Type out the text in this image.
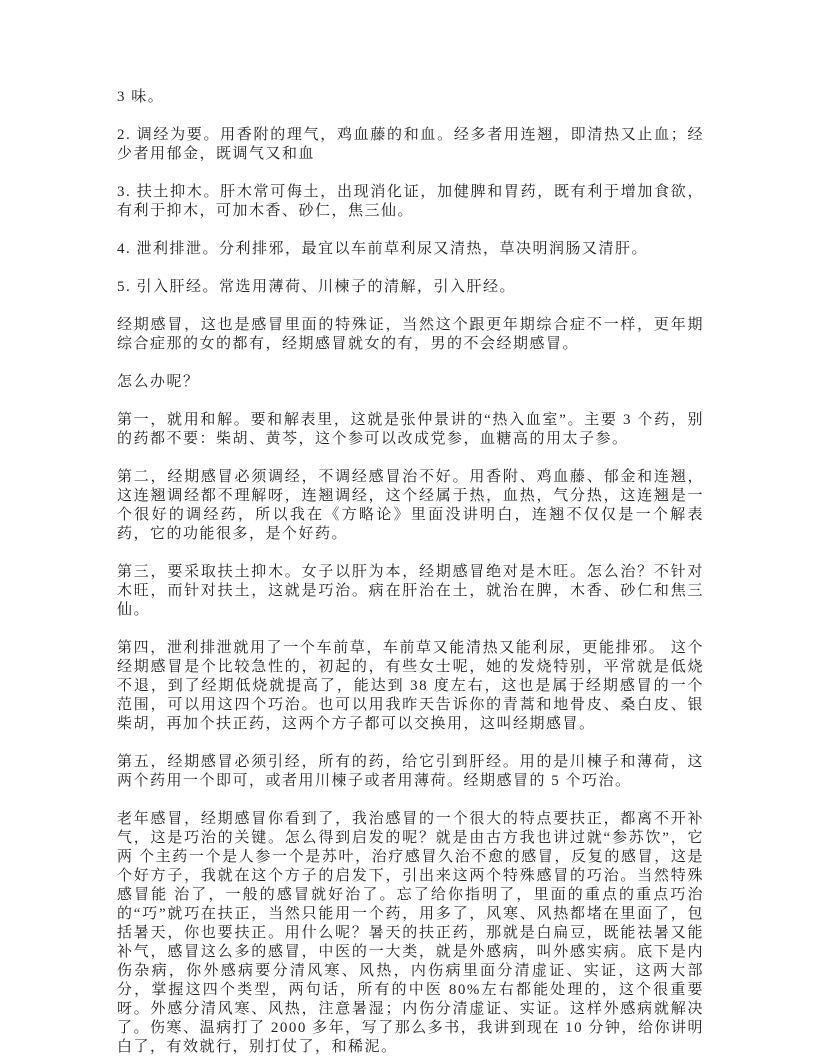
3 味。

2. 调经为要。用香附的理气，鸡血藤的和血。经多者用连翘，即清热又止血；经少者用郁金，既调气又和血

3. 扶土抑木。肝木常可侮土，出现消化证，加健脾和胃药，既有利于增加食欲，有利于抑木，可加木香、砂仁，焦三仙。

4. 泄利排泄。分利排邪，最宜以车前草利尿又清热，草决明润肠又清肝。

5. 引入肝经。常选用薄荷、川楝子的清解，引入肝经。

经期感冒，这也是感冒里面的特殊证，当然这个跟更年期综合症不一样，更年期综合症那的女的都有，经期感冒就女的有，男的不会经期感冒。

怎么办呢？

第一，就用和解。要和解表里，这就是张仲景讲的“热入血室”。主要 3 个药，别的药都不要：柴胡、黄芩，这个参可以改成党参，血糖高的用太子参。

第二，经期感冒必须调经，不调经感冒治不好。用香附、鸡血藤、郁金和连翘，这连翘调经都不理解呀，连翘调经，这个经属于热，血热，气分热，这连翘是一个很好的调经药，所以我在《方略论》里面没讲明白，连翘不仅仅是一个解表药，它的功能很多，是个好药。

第三，要采取扶土抑木。女子以肝为本，经期感冒绝对是木旺。怎么治？不针对木旺，而针对扶土，这就是巧治。病在肝治在土，就治在脾，木香、砂仁和焦三仙。

第四，泄利排泄就用了一个车前草，车前草又能清热又能利尿，更能排邪。 这个经期感冒是个比较急性的，初起的，有些女士呢，她的发烧特别，平常就是低烧不退，到了经期低烧就提高了，能达到 38 度左右，这也是属于经期感冒的一个 范围，可以用这四个巧治。也可以用我昨天告诉你的青蒿和地骨皮、桑白皮、银柴胡，再加个扶正药，这两个方子都可以交换用，这叫经期感冒。

第五，经期感冒必须引经，所有的药，给它引到肝经。用的是川楝子和薄荷，这两个药用一个即可，或者用川楝子或者用薄荷。经期感冒的 5 个巧治。

老年感冒，经期感冒你看到了，我治感冒的一个很大的特点要扶正，都离不开补气，这是巧治的关键。怎么得到启发的呢？就是由古方我也讲过就“参苏饮”，它两 个主药一个是人参一个是苏叶，治疗感冒久治不愈的感冒，反复的感冒，这是个好方子，我就在这个方子的启发下，引出来这两个特殊感冒的巧治。当然特殊感冒能 治了，一般的感冒就好治了。忘了给你指明了，里面的重点的重点巧治的“巧”就巧在扶正，当然只能用一个药，用多了，风寒、风热都堵在里面了，包括暑天，你也要扶正。用什么呢？暑天的扶正药，那就是白扁豆，既能祛暑又能补气，感冒这么多的感冒，中医的一大类，就是外感病，叫外感实病。底下是内伤杂病，你外感病要分清风寒、风热，内伤病里面分清虚证、实证，这两大部分，掌握这四个类型，两句话，所有的中医 80%左右都能处理的，这个很重要呀。外感分清风寒、风热，注意暑湿；内伤分清虚证、实证。这样外感病就解决了。伤寒、温病打了 2000 多年，写了那么多书，我讲到现在 10 分钟，给你讲明白了，有效就行，别打仗了，和稀泥。
